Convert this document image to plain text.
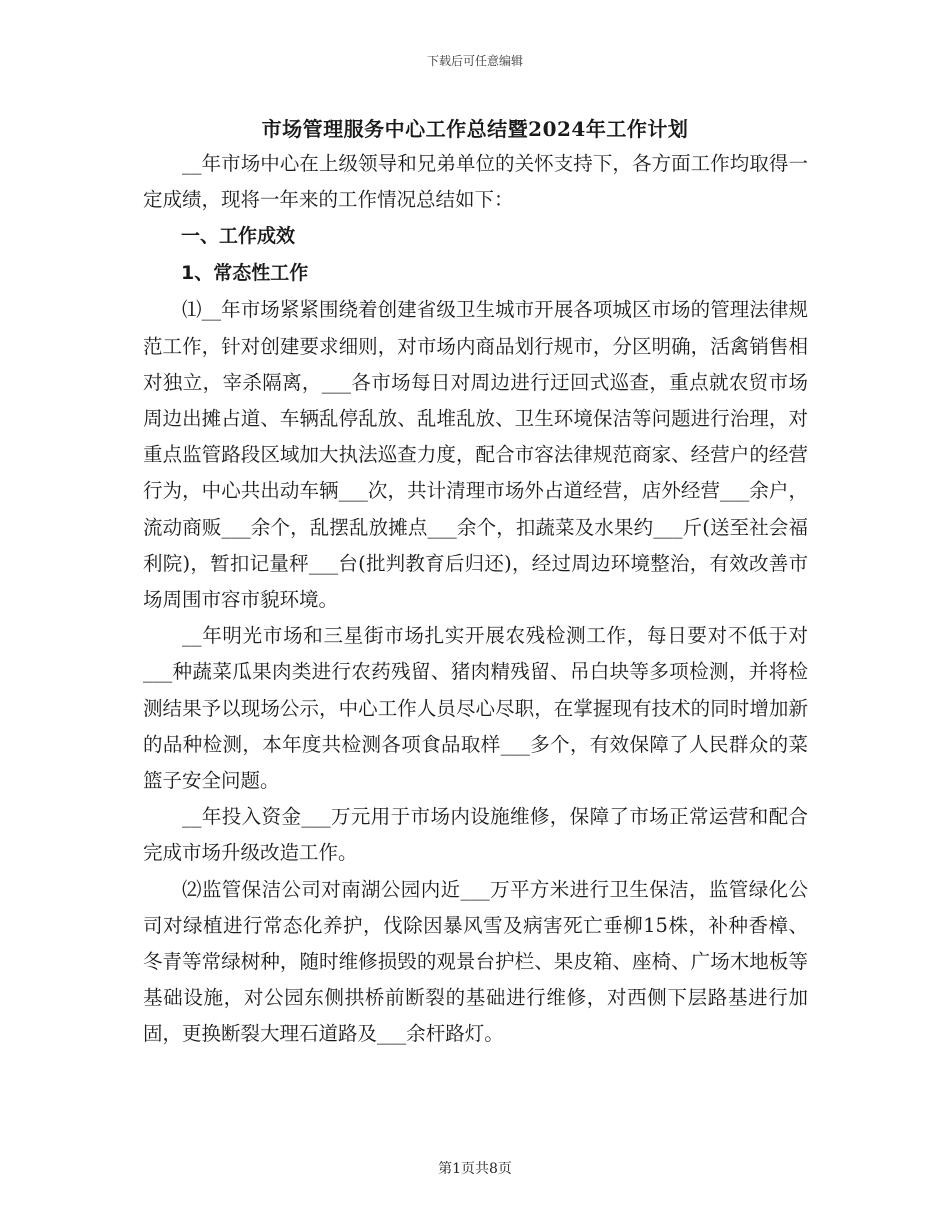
下载后可任意编辑
市场管理服务中心工作总结暨2024年工作计划

__年市场中心在上级领导和兄弟单位的关怀支持下，各方面工作均取得一定成绩，现将一年来的工作情况总结如下：

一、工作成效

1、常态性工作

⑴__年市场紧紧围绕着创建省级卫生城市开展各项城区市场的管理法律规范工作，针对创建要求细则，对市场内商品划行规市，分区明确，活禽销售相对独立，宰杀隔离，___各市场每日对周边进行迂回式巡查，重点就农贸市场周边出摊占道、车辆乱停乱放、乱堆乱放、卫生环境保洁等问题进行治理，对重点监管路段区域加大执法巡查力度，配合市容法律规范商家、经营户的经营行为，中心共出动车辆___次，共计清理市场外占道经营，店外经营___余户，流动商贩___余个，乱摆乱放摊点___余个，扣蔬菜及水果约___斤(送至社会福利院)，暂扣记量秤___台(批判教育后归还)，经过周边环境整治，有效改善市场周围市容市貌环境。

__年明光市场和三星街市场扎实开展农残检测工作，每日要对不低于对___种蔬菜瓜果肉类进行农药残留、猪肉精残留、吊白块等多项检测，并将检测结果予以现场公示，中心工作人员尽心尽职，在掌握现有技术的同时增加新的品种检测，本年度共检测各项食品取样___多个，有效保障了人民群众的菜篮子安全问题。

__年投入资金___万元用于市场内设施维修，保障了市场正常运营和配合完成市场升级改造工作。

⑵监管保洁公司对南湖公园内近___万平方米进行卫生保洁，监管绿化公司对绿植进行常态化养护，伐除因暴风雪及病害死亡垂柳15株，补种香樟、冬青等常绿树种，随时维修损毁的观景台护栏、果皮箱、座椅、广场木地板等基础设施，对公园东侧拱桥前断裂的基础进行维修，对西侧下层路基进行加固，更换断裂大理石道路及___余杆路灯。

第1页共8页
